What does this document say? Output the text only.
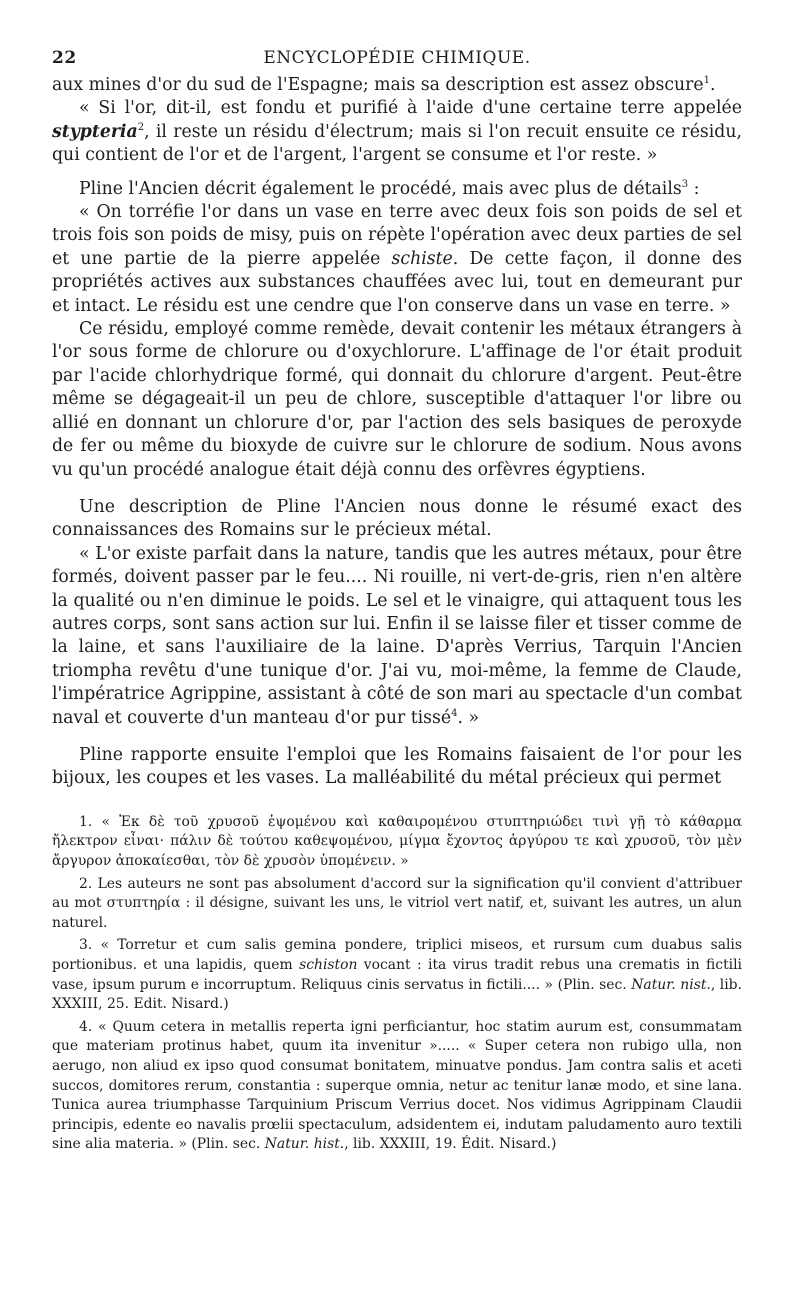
22	ENCYCLOPÉDIE CHIMIQUE.

aux mines d'or du sud de l'Espagne; mais sa description est assez obscure$^1$.

« Si l'or, dit-il, est fondu et purifié à l'aide d'une certaine terre appelée stypteria$^2$, il reste un résidu d'électrum; mais si l'on recuit ensuite ce résidu, qui contient de l'or et de l'argent, l'argent se consume et l'or reste. »

Pline l'Ancien décrit également le procédé, mais avec plus de détails$^3$ :

« On torréfie l'or dans un vase en terre avec deux fois son poids de sel et trois fois son poids de misy, puis on répète l'opération avec deux parties de sel et une partie de la pierre appelée schiste. De cette façon, il donne des propriétés actives aux substances chauffées avec lui, tout en demeurant pur et intact. Le résidu est une cendre que l'on conserve dans un vase en terre. »

Ce résidu, employé comme remède, devait contenir les métaux étrangers à l'or sous forme de chlorure ou d'oxychlorure. L'affinage de l'or était produit par l'acide chlorhydrique formé, qui donnait du chlorure d'argent. Peut-être même se dégageait-il un peu de chlore, susceptible d'attaquer l'or libre ou allié en donnant un chlorure d'or, par l'action des sels basiques de peroxyde de fer ou même du bioxyde de cuivre sur le chlorure de sodium. Nous avons vu qu'un procédé analogue était déjà connu des orfèvres égyptiens.

Une description de Pline l'Ancien nous donne le résumé exact des connaissances des Romains sur le précieux métal.

« L'or existe parfait dans la nature, tandis que les autres métaux, pour être formés, doivent passer par le feu.... Ni rouille, ni vert-de-gris, rien n'en altère la qualité ou n'en diminue le poids. Le sel et le vinaigre, qui attaquent tous les autres corps, sont sans action sur lui. Enfin il se laisse filer et tisser comme de la laine, et sans l'auxiliaire de la laine. D'après Verrius, Tarquin l'Ancien triompha revêtu d'une tunique d'or. J'ai vu, moi-même, la femme de Claude, l'impératrice Agrippine, assistant à côté de son mari au spectacle d'un combat naval et couverte d'un manteau d'or pur tissé$^4$. »

Pline rapporte ensuite l'emploi que les Romains faisaient de l'or pour les bijoux, les coupes et les vases. La malléabilité du métal précieux qui permet

1. « Ἐκ δὲ τοῦ χρυσοῦ ἑψομένου καὶ καθαιρομένου στυπτηριώδει τινὶ γῇ τὸ κάθαρμα ἤλεκτρον εἶναι· πάλιν δὲ τούτου καθεψομένου, μίγμα ἔχοντος ἀργύρου τε καὶ χρυσοῦ, τὸν μὲν ἄργυρον ἀποκαίεσθαι, τὸν δὲ χρυσὸν ὑπομένειν. »

2. Les auteurs ne sont pas absolument d'accord sur la signification qu'il convient d'attribuer au mot στυπτηρία : il désigne, suivant les uns, le vitriol vert natif, et, suivant les autres, un alun naturel.

3. « Torretur et cum salis gemina pondere, triplici miseos, et rursum cum duabus salis portionibus. et una lapidis, quem schiston vocant : ita virus tradit rebus una crematis in fictili vase, ipsum purum e incorruptum. Reliquus cinis servatus in fictili.... » (Plin. sec. Natur. nist., lib. XXXIII, 25. Edit. Nisard.)

4. « Quum cetera in metallis reperta igni perficiantur, hoc statim aurum est, consummatam que materiam protinus habet, quum ita invenitur »..... « Super cetera non rubigo ulla, non aerugo, non aliud ex ipso quod consumat bonitatem, minuatve pondus. Jam contra salis et aceti succos, domitores rerum, constantia : superque omnia, netur ac tenitur lanæ modo, et sine lana. Tunica aurea triumphasse Tarquinium Priscum Verrius docet. Nos vidimus Agrippinam Claudii principis, edente eo navalis prœlii spectaculum, adsidentem ei, indutam paludamento auro textili sine alia materia. » (Plin. sec. Natur. hist., lib. XXXIII, 19. Édit. Nisard.)
